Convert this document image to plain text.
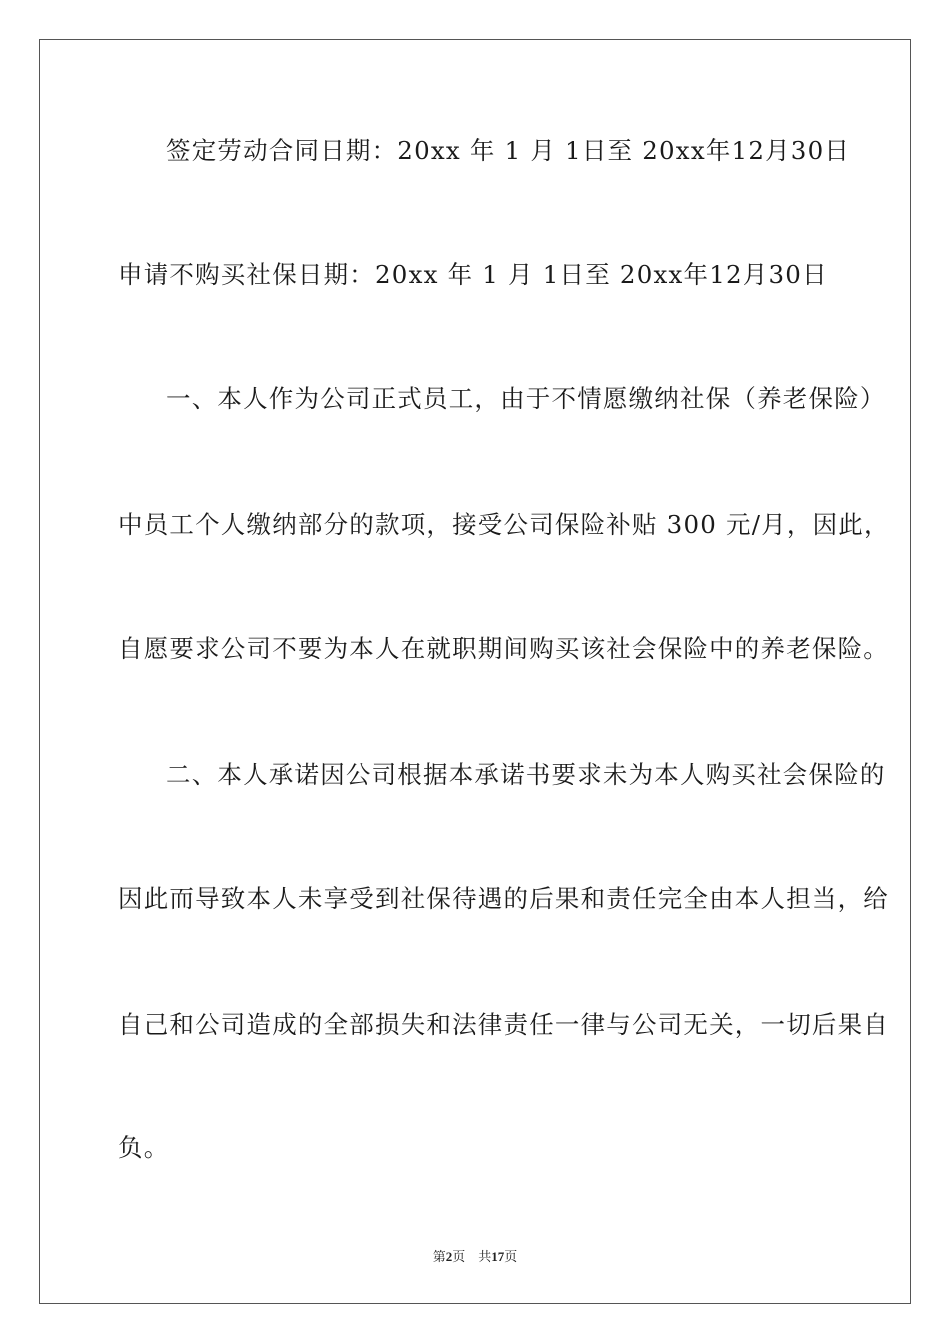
签定劳动合同日期：20xx 年 1 月 1日至 20xx年12月30日
申请不购买社保日期：20xx 年 1 月 1日至 20xx年12月30日
一、本人作为公司正式员工，由于不情愿缴纳社保（养老保险）
中员工个人缴纳部分的款项，接受公司保险补贴 300 元/月，因此，
自愿要求公司不要为本人在就职期间购买该社会保险中的养老保险。
二、本人承诺因公司根据本承诺书要求未为本人购买社会保险的
因此而导致本人未享受到社保待遇的后果和责任完全由本人担当，给
自己和公司造成的全部损失和法律责任一律与公司无关，一切后果自
负。
第2页 共17页
